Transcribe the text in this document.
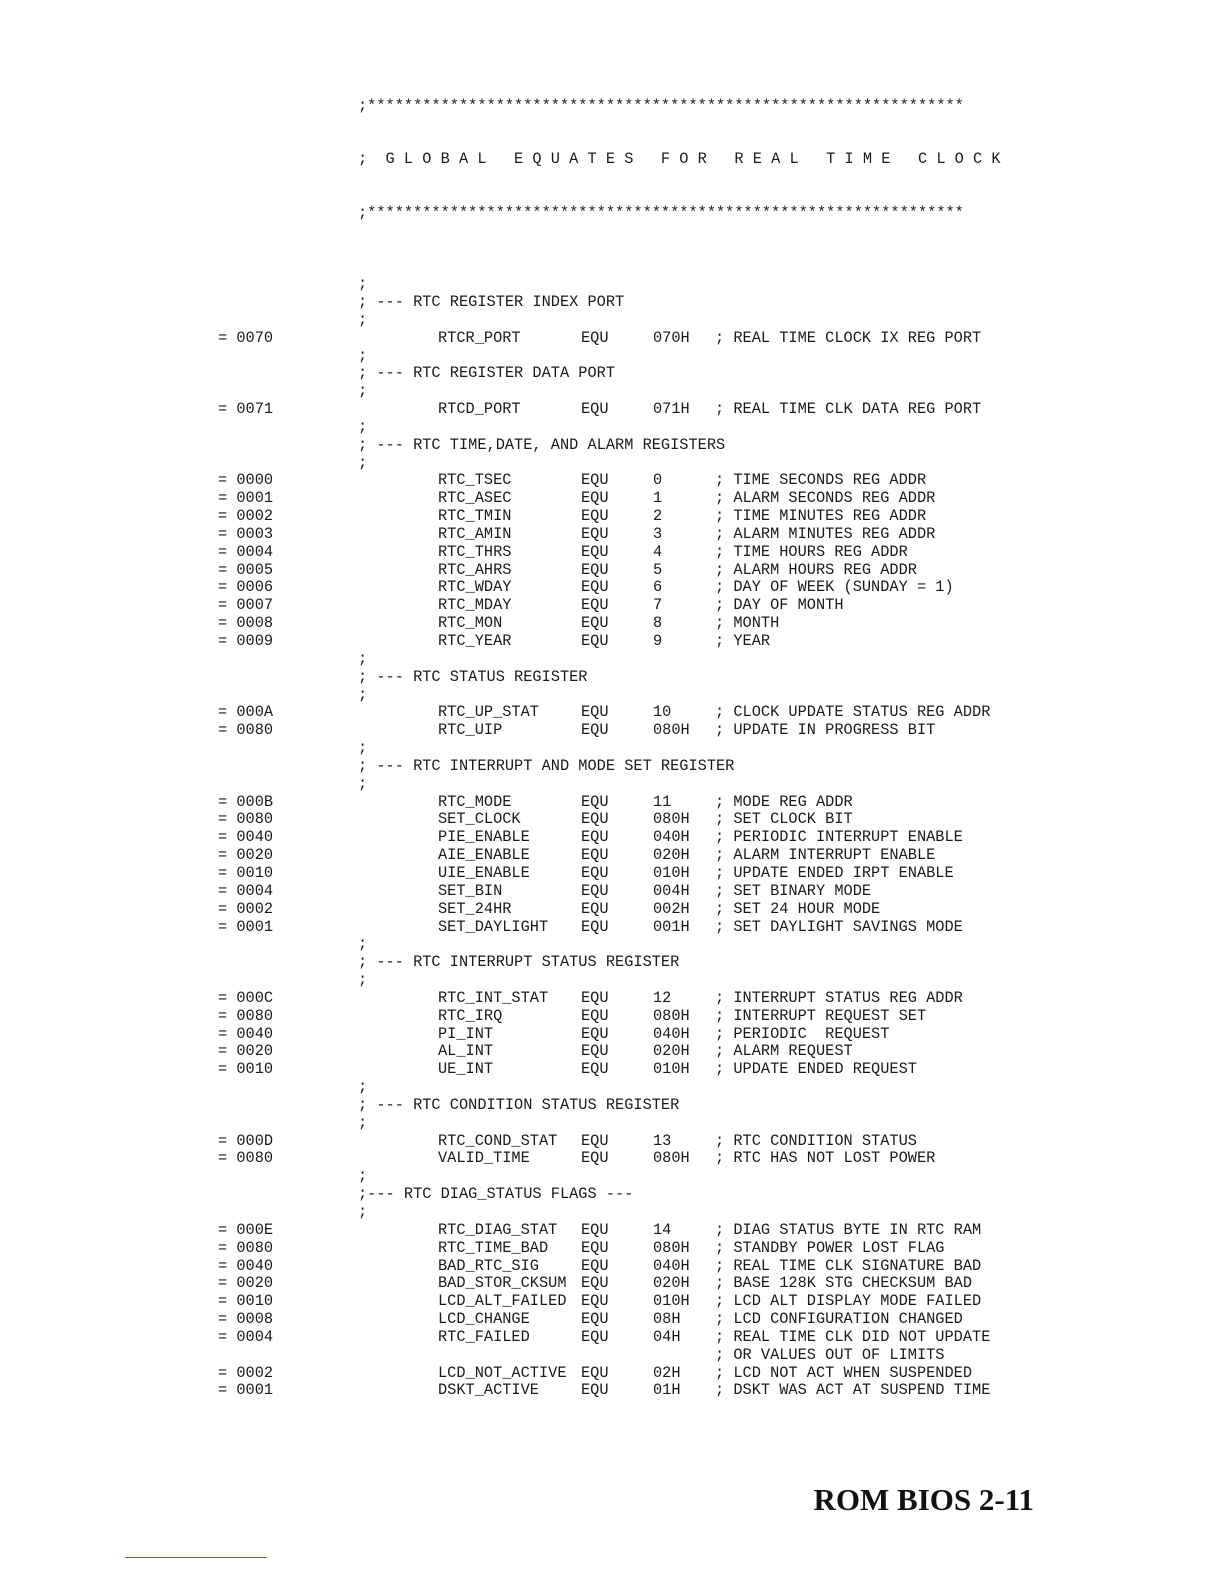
;*****************************************************************

;  G L O B A L   E Q U A T E S   F O R   R E A L   T I M E   C L O C K

;*****************************************************************

;
; --- RTC REGISTER INDEX PORT
;
= 0070	RTCR_PORT	EQU	070H	; REAL TIME CLOCK IX REG PORT
;
; --- RTC REGISTER DATA PORT
;
= 0071	RTCD_PORT	EQU	071H	; REAL TIME CLK DATA REG PORT
;
; --- RTC TIME,DATE, AND ALARM REGISTERS
;
= 0000	RTC_TSEC	EQU	0	; TIME SECONDS REG ADDR
= 0001	RTC_ASEC	EQU	1	; ALARM SECONDS REG ADDR
= 0002	RTC_TMIN	EQU	2	; TIME MINUTES REG ADDR
= 0003	RTC_AMIN	EQU	3	; ALARM MINUTES REG ADDR
= 0004	RTC_THRS	EQU	4	; TIME HOURS REG ADDR
= 0005	RTC_AHRS	EQU	5	; ALARM HOURS REG ADDR
= 0006	RTC_WDAY	EQU	6	; DAY OF WEEK (SUNDAY = 1)
= 0007	RTC_MDAY	EQU	7	; DAY OF MONTH
= 0008	RTC_MON	EQU	8	; MONTH
= 0009	RTC_YEAR	EQU	9	; YEAR
;
; --- RTC STATUS REGISTER
;
= 000A	RTC_UP_STAT	EQU	10	; CLOCK UPDATE STATUS REG ADDR
= 0080	RTC_UIP	EQU	080H	; UPDATE IN PROGRESS BIT
;
; --- RTC INTERRUPT AND MODE SET REGISTER
;
= 000B	RTC_MODE	EQU	11	; MODE REG ADDR
= 0080	SET_CLOCK	EQU	080H	; SET CLOCK BIT
= 0040	PIE_ENABLE	EQU	040H	; PERIODIC INTERRUPT ENABLE
= 0020	AIE_ENABLE	EQU	020H	; ALARM INTERRUPT ENABLE
= 0010	UIE_ENABLE	EQU	010H	; UPDATE ENDED IRPT ENABLE
= 0004	SET_BIN	EQU	004H	; SET BINARY MODE
= 0002	SET_24HR	EQU	002H	; SET 24 HOUR MODE
= 0001	SET_DAYLIGHT	EQU	001H	; SET DAYLIGHT SAVINGS MODE
;
; --- RTC INTERRUPT STATUS REGISTER
;
= 000C	RTC_INT_STAT	EQU	12	; INTERRUPT STATUS REG ADDR
= 0080	RTC_IRQ	EQU	080H	; INTERRUPT REQUEST SET
= 0040	PI_INT	EQU	040H	; PERIODIC  REQUEST
= 0020	AL_INT	EQU	020H	; ALARM REQUEST
= 0010	UE_INT	EQU	010H	; UPDATE ENDED REQUEST
;
; --- RTC CONDITION STATUS REGISTER
;
= 000D	RTC_COND_STAT	EQU	13	; RTC CONDITION STATUS
= 0080	VALID_TIME	EQU	080H	; RTC HAS NOT LOST POWER
;
;--- RTC DIAG_STATUS FLAGS ---
;
= 000E	RTC_DIAG_STAT	EQU	14	; DIAG STATUS BYTE IN RTC RAM
= 0080	RTC_TIME_BAD	EQU	080H	; STANDBY POWER LOST FLAG
= 0040	BAD_RTC_SIG	EQU	040H	; REAL TIME CLK SIGNATURE BAD
= 0020	BAD_STOR_CKSUM EQU	020H	; BASE 128K STG CHECKSUM BAD
= 0010	LCD_ALT_FAILED EQU	010H	; LCD ALT DISPLAY MODE FAILED
= 0008	LCD_CHANGE	EQU	08H	; LCD CONFIGURATION CHANGED
= 0004	RTC_FAILED	EQU	04H	; REAL TIME CLK DID NOT UPDATE
; OR VALUES OUT OF LIMITS
= 0002	LCD_NOT_ACTIVE EQU	02H	; LCD NOT ACT WHEN SUSPENDED
= 0001	DSKT_ACTIVE	EQU	01H	; DSKT WAS ACT AT SUSPEND TIME
ROM BIOS 2-11
